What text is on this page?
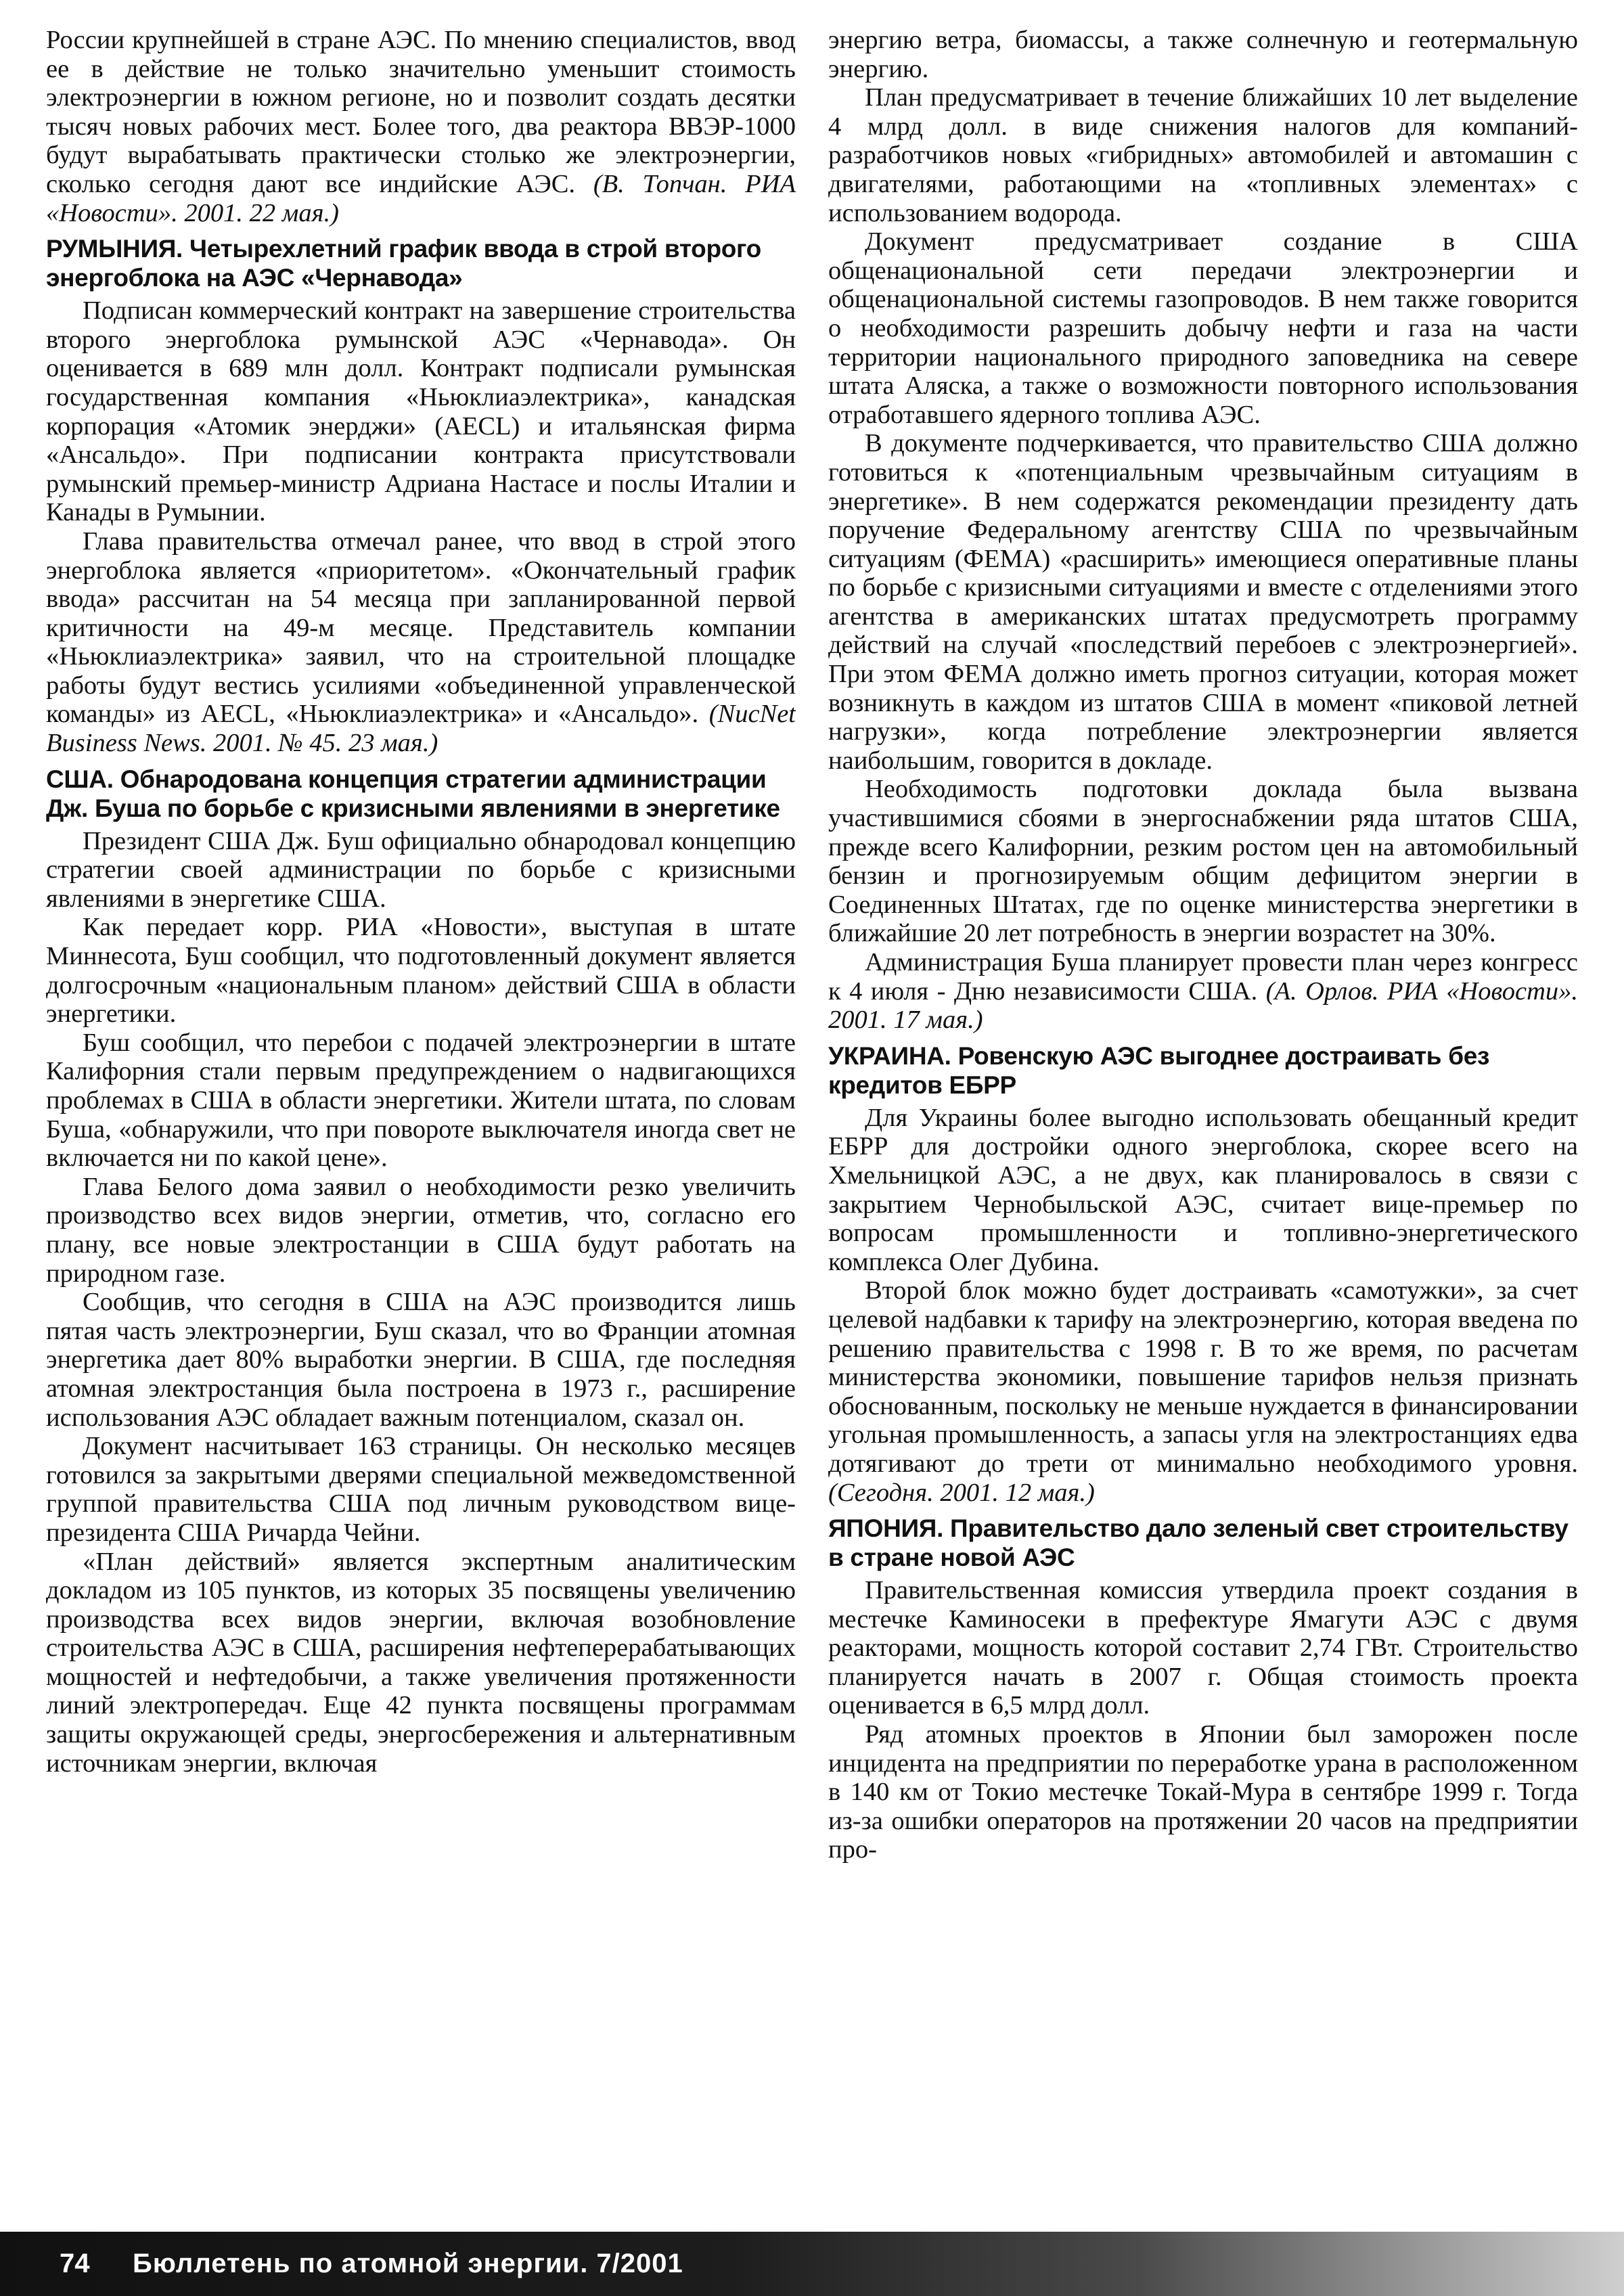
России крупнейшей в стране АЭС. По мнению специалистов, ввод ее в действие не только значительно уменьшит стоимость электроэнергии в южном регионе, но и позволит создать десятки тысяч новых рабочих мест. Более того, два реактора ВВЭР-1000 будут вырабатывать практически столько же электроэнергии, сколько сегодня дают все индийские АЭС. (В. Топчан. РИА «Новости». 2001. 22 мая.)

РУМЫНИЯ. Четырехлетний график ввода в строй второго энергоблока на АЭС «Чернавода»

Подписан коммерческий контракт на завершение строительства второго энергоблока румынской АЭС «Чернавода». Он оценивается в 689 млн долл. Контракт подписали румынская государственная компания «Ньюклиаэлектрика», канадская корпорация «Атомик энерджи» (AECL) и итальянская фирма «Ансальдо». При подписании контракта присутствовали румынский премьер-министр Адриана Настасе и послы Италии и Канады в Румынии.

Глава правительства отмечал ранее, что ввод в строй этого энергоблока является «приоритетом». «Окончательный график ввода» рассчитан на 54 месяца при запланированной первой критичности на 49-м месяце. Представитель компании «Ньюклиаэлектрика» заявил, что на строительной площадке работы будут вестись усилиями «объединенной управленческой команды» из AECL, «Ньюклиаэлектрика» и «Ансальдо». (NucNet Business News. 2001. № 45. 23 мая.)

США. Обнародована концепция стратегии администрации Дж. Буша по борьбе с кризисными явлениями в энергетике

Президент США Дж. Буш официально обнародовал концепцию стратегии своей администрации по борьбе с кризисными явлениями в энергетике США.

Как передает корр. РИА «Новости», выступая в штате Миннесота, Буш сообщил, что подготовленный документ является долгосрочным «национальным планом» действий США в области энергетики.

Буш сообщил, что перебои с подачей электроэнергии в штате Калифорния стали первым предупреждением о надвигающихся проблемах в США в области энергетики. Жители штата, по словам Буша, «обнаружили, что при повороте выключателя иногда свет не включается ни по какой цене».

Глава Белого дома заявил о необходимости резко увеличить производство всех видов энергии, отметив, что, согласно его плану, все новые электростанции в США будут работать на природном газе.

Сообщив, что сегодня в США на АЭС производится лишь пятая часть электроэнергии, Буш сказал, что во Франции атомная энергетика дает 80% выработки энергии. В США, где последняя атомная электростанция была построена в 1973 г., расширение использования АЭС обладает важным потенциалом, сказал он.

Документ насчитывает 163 страницы. Он несколько месяцев готовился за закрытыми дверями специальной межведомственной группой правительства США под личным руководством вице-президента США Ричарда Чейни.

«План действий» является экспертным аналитическим докладом из 105 пунктов, из которых 35 посвящены увеличению производства всех видов энергии, включая возобновление строительства АЭС в США, расширения нефтеперерабатывающих мощностей и нефтедобычи, а также увеличения протяженности линий электропередач. Еще 42 пункта посвящены программам защиты окружающей среды, энергосбережения и альтернативным источникам энергии, включая

энергию ветра, биомассы, а также солнечную и геотермальную энергию.

План предусматривает в течение ближайших 10 лет выделение 4 млрд долл. в виде снижения налогов для компаний-разработчиков новых «гибридных» автомобилей и автомашин с двигателями, работающими на «топливных элементах» с использованием водорода.

Документ предусматривает создание в США общенациональной сети передачи электроэнергии и общенациональной системы газопроводов. В нем также говорится о необходимости разрешить добычу нефти и газа на части территории национального природного заповедника на севере штата Аляска, а также о возможности повторного использования отработавшего ядерного топлива АЭС.

В документе подчеркивается, что правительство США должно готовиться к «потенциальным чрезвычайным ситуациям в энергетике». В нем содержатся рекомендации президенту дать поручение Федеральному агентству США по чрезвычайным ситуациям (ФЕМА) «расширить» имеющиеся оперативные планы по борьбе с кризисными ситуациями и вместе с отделениями этого агентства в американских штатах предусмотреть программу действий на случай «последствий перебоев с электроэнергией». При этом ФЕМА должно иметь прогноз ситуации, которая может возникнуть в каждом из штатов США в момент «пиковой летней нагрузки», когда потребление электроэнергии является наибольшим, говорится в докладе.

Необходимость подготовки доклада была вызвана участившимися сбоями в энергоснабжении ряда штатов США, прежде всего Калифорнии, резким ростом цен на автомобильный бензин и прогнозируемым общим дефицитом энергии в Соединенных Штатах, где по оценке министерства энергетики в ближайшие 20 лет потребность в энергии возрастет на 30%.

Администрация Буша планирует провести план через конгресс к 4 июля - Дню независимости США. (А. Орлов. РИА «Новости». 2001. 17 мая.)

УКРАИНА. Ровенскую АЭС выгоднее достраивать без кредитов ЕБРР

Для Украины более выгодно использовать обещанный кредит ЕБРР для достройки одного энергоблока, скорее всего на Хмельницкой АЭС, а не двух, как планировалось в связи с закрытием Чернобыльской АЭС, считает вице-премьер по вопросам промышленности и топливно-энергетического комплекса Олег Дубина.

Второй блок можно будет достраивать «самотужки», за счет целевой надбавки к тарифу на электроэнергию, которая введена по решению правительства с 1998 г. В то же время, по расчетам министерства экономики, повышение тарифов нельзя признать обоснованным, поскольку не меньше нуждается в финансировании угольная промышленность, а запасы угля на электростанциях едва дотягивают до трети от минимально необходимого уровня. (Сегодня. 2001. 12 мая.)

ЯПОНИЯ. Правительство дало зеленый свет строительству в стране новой АЭС

Правительственная комиссия утвердила проект создания в местечке Каминосеки в префектуре Ямагути АЭС с двумя реакторами, мощность которой составит 2,74 ГВт. Строительство планируется начать в 2007 г. Общая стоимость проекта оценивается в 6,5 млрд долл.

Ряд атомных проектов в Японии был заморожен после инцидента на предприятии по переработке урана в расположенном в 140 км от Токио местечке Токай-Мура в сентябре 1999 г. Тогда из-за ошибки операторов на протяжении 20 часов на предприятии про-

74 Бюллетень по атомной энергии. 7/2001
